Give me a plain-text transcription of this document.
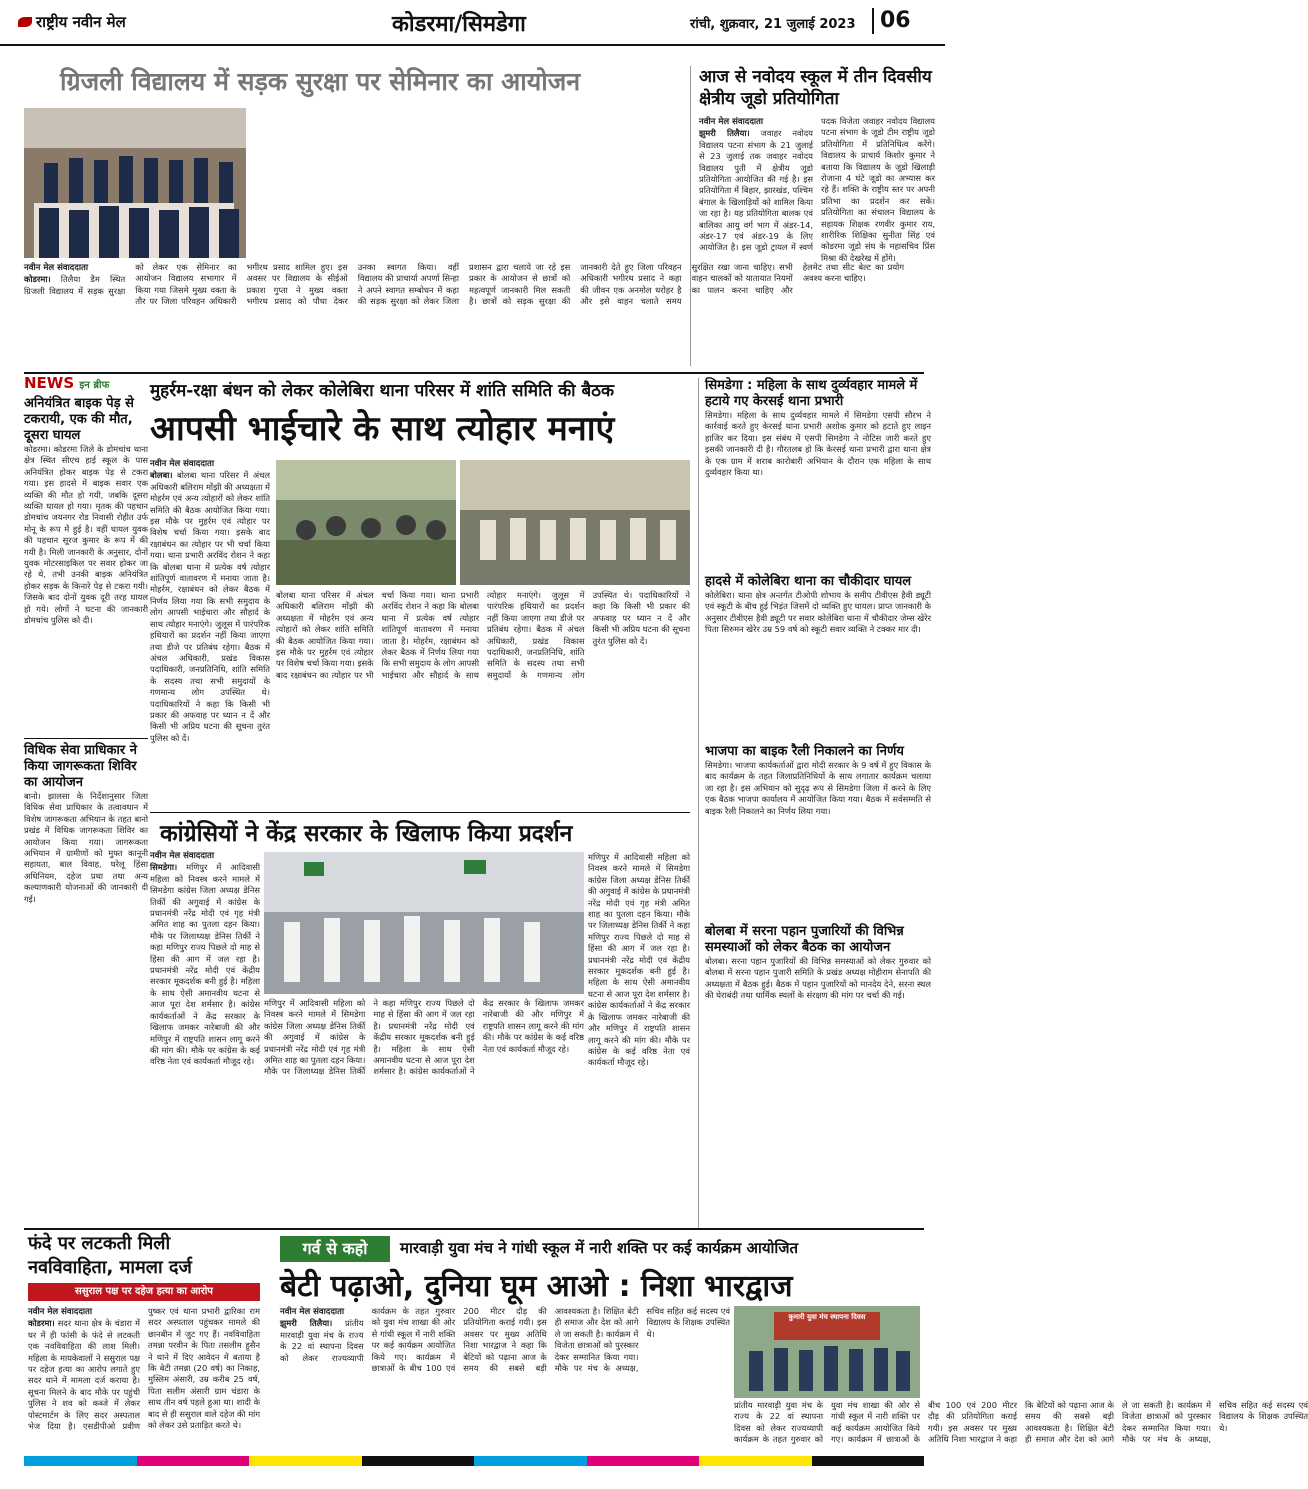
राष्ट्रीय नवीन मेल	कोडरमा/सिमडेगा	रांची, शुक्रवार, 21 जुलाई 2023 06
ग्रिजली विद्यालय में सड़क सुरक्षा पर सेमिनार का आयोजन
नवीन मेल संवाददाता
कोडरमा। तिलैया डैम स्थित ग्रिजली विद्यालय में सड़क सुरक्षा को लेकर एक सेमिनार का आयोजन विद्यालय सभागार में किया गया जिसमे मुख्य वक्ता के तौर पर जिला परिवहन अधिकारी भगीरथ प्रसाद शामिल हुए। इस अवसर पर विद्यालय के सीईओ प्रकाश गुप्ता ने मुख्य वक्ता भगीरथ प्रसाद को पौधा देकर उनका स्वागत किया। वहीं विद्यालय की प्राचार्या अपर्णा सिन्हा ने अपने स्वागत सम्बोधन में कहा की सड़क सुरक्षा को लेकर जिला प्रशासन द्वारा चलाये जा रहे इस प्रकार के आयोजन से छात्रों को महत्वपूर्ण जानकारी मिल सकती है। छात्रों को सड़क सुरक्षा की जानकारी देते हुए जिला परिवहन अधिकारी भगीरथ प्रसाद ने कहा की जीवन एक अनमोल धरोहर है और इसे वाहन चलाते समय सुरक्षित रखा जाना चाहिए। सभी वाहन चालकों को यातायात नियमों का पालन करना चाहिए और हेलमेट तथा सीट बेल्ट का प्रयोग अवश्य करना चाहिए।
आज से नवोदय स्कूल में तीन दिवसीय क्षेत्रीय जूडो प्रतियोगिता
नवीन मेल संवाददाता
झुमरी तिलैया। जवाहर नवोदय विद्यालय पटना संभाग के 21 जुलाई से 23 जुलाई तक जवाहर नवोदय विद्यालय पुती में क्षेत्रीय जूडो प्रतियोगिता आयोजित की गई है। इस प्रतियोगिता में बिहार, झारखंड, पश्चिम बंगाल के खिलाड़ियों को शामिल किया जा रहा है। यह प्रतियोगिता बालक एवं बालिका आयु वर्ग भाग में अंडर-14, अंडर-17 एवं अंडर-19 के लिए आयोजित है। इस जूडो ट्रायल में स्वर्ण पदक विजेता जवाहर नवोदय विद्यालय पटना संभाग के जूडो टीम राष्ट्रीय जूडो प्रतियोगिता में प्रतिनिधित्व करेंगे। विद्यालय के प्राचार्य किशोर कुमार ने बताया कि विद्यालय के जूडो खिलाड़ी रोजाना 4 घंटे जूडो का अभ्यास कर रहे हैं। शक्ति के राष्ट्रीय स्तर पर अपनी प्रतिभा का प्रदर्शन कर सकें। प्रतियोगिता का संचालन विद्यालय के सहायक शिक्षक रणवीर कुमार राय, शारीरिक शिक्षिका सुनीता सिंह एवं कोडरमा जूडो संघ के महासचिव प्रिंस मिश्रा की देखरेख में होंगे।
NEWS इन ब्रीफ
अनियंत्रित बाइक पेड़ से टकरायी, एक की मौत, दूसरा घायल
कोडरमा। कोडरमा जिले के डोमचांच थाना क्षेत्र स्थित सीएच हाई स्कूल के पास अनियंत्रित होकर बाइक पेड़ से टकरा गया। इस हादसे में बाइक सवार एक व्यक्ति की मौत हो गयी, जबकि दूसरा व्यक्ति घायल हो गया। मृतक की पहचान डोमचांच जयनगर रोड निवासी रोहीत उर्फ मोनू के रूप में हुई है। वहीं घायल युवक की पहचान सूरज कुमार के रूप में की गयी है। मिली जानकारी के अनुसार, दोनों युवक मोटरसाइकिल पर सवार होकर जा रहे थे, तभी उनकी बाइक अनियंत्रित होकर सड़क के किनारे पेड़ से टकरा गयी। जिसके बाद दोनों युवक दूरी तरह घायल हो गये। लोगों ने घटना की जानकारी डोमचांच पुलिस को दी।
विधिक सेवा प्राधिकार ने किया जागरूकता शिविर का आयोजन
बानो। झालसा के निर्देशानुसार जिला विधिक सेवा प्राधिकार के तत्वावधान में विशेष जागरूकता अभियान के तहत बानो प्रखंड में विधिक जागरूकता शिविर का आयोजन किया गया। जागरूकता अभियान में ग्रामीणों को मुफ्त कानूनी सहायता, बाल विवाह, घरेलू हिंसा अधिनियम, दहेज प्रथा तथा अन्य कल्याणकारी योजनाओं की जानकारी दी गई।
मुहर्रम-रक्षा बंधन को लेकर कोलेबिरा थाना परिसर में शांति समिति की बैठक
आपसी भाईचारे के साथ त्योहार मनाएं
नवीन मेल संवाददाता
बोलबा। बोलबा थाना परिसर में अंचल अधिकारी बलिराम मोंझी की अध्यक्षता में मोहर्रम एवं अन्य त्योहारों को लेकर शांति समिति की बैठक आयोजित किया गया। इस मौके पर मुहर्रम एवं त्योहार पर विशेष चर्चा किया गया। इसके बाद रक्षाबंधन का त्योहार पर भी चर्चा किया गया। थाना प्रभारी अरविंद रोशन ने कहा कि बोलबा थाना में प्रत्येक वर्ष त्योहार शांतिपूर्ण वातावरण में मनाया जाता है। मोहर्रम, रक्षाबंधन को लेकर बैठक में निर्णय लिया गया कि सभी समुदाय के लोग आपसी भाईचारा और सौहार्द के साथ त्योहार मनाएंगे। जुलूस में पारंपरिक हथियारों का प्रदर्शन नहीं किया जाएगा तथा डीजे पर प्रतिबंध रहेगा। बैठक में अंचल अधिकारी, प्रखंड विकास पदाधिकारी, जनप्रतिनिधि, शांति समिति के सदस्य तथा सभी समुदायों के गणमान्य लोग उपस्थित थे। पदाधिकारियों ने कहा कि किसी भी प्रकार की अफवाह पर ध्यान न दें और किसी भी अप्रिय घटना की सूचना तुरंत पुलिस को दें।
बोलबा थाना परिसर में अंचल अधिकारी बलिराम मोंझी की अध्यक्षता में मोहर्रम एवं अन्य त्योहारों को लेकर शांति समिति की बैठक आयोजित किया गया। इस मौके पर मुहर्रम एवं त्योहार पर विशेष चर्चा किया गया। इसके बाद रक्षाबंधन का त्योहार पर भी चर्चा किया गया। थाना प्रभारी अरविंद रोशन ने कहा कि बोलबा थाना में प्रत्येक वर्ष त्योहार शांतिपूर्ण वातावरण में मनाया जाता है। मोहर्रम, रक्षाबंधन को लेकर बैठक में निर्णय लिया गया कि सभी समुदाय के लोग आपसी भाईचारा और सौहार्द के साथ त्योहार मनाएंगे। जुलूस में पारंपरिक हथियारों का प्रदर्शन नहीं किया जाएगा तथा डीजे पर प्रतिबंध रहेगा। बैठक में अंचल अधिकारी, प्रखंड विकास पदाधिकारी, जनप्रतिनिधि, शांति समिति के सदस्य तथा सभी समुदायों के गणमान्य लोग उपस्थित थे। पदाधिकारियों ने कहा कि किसी भी प्रकार की अफवाह पर ध्यान न दें और किसी भी अप्रिय घटना की सूचना तुरंत पुलिस को दें।
कांग्रेसियों ने केंद्र सरकार के खिलाफ किया प्रदर्शन
नवीन मेल संवाददाता
सिमडेगा। मणिपुर में आदिवासी महिला को निवस्त्र करने मामले में सिमडेगा कांग्रेस जिला अध्यक्ष डेनिस तिर्की की अगुवाई में कांग्रेस के प्रधानमंत्री नरेंद्र मोदी एवं गृह मंत्री अमित शाह का पुतला दहन किया। मौके पर जिलाध्यक्ष डेनिस तिर्की ने कहा मणिपुर राज्य पिछले दो माह से हिंसा की आग में जल रहा है। प्रधानमंत्री नरेंद्र मोदी एवं केंद्रीय सरकार मूकदर्शक बनी हुई है। महिला के साथ ऐसी अमानवीय घटना से आज पूरा देश शर्मसार है। कांग्रेस कार्यकर्ताओं ने केंद्र सरकार के खिलाफ जमकर नारेबाजी की और मणिपुर में राष्ट्रपति शासन लागू करने की मांग की। मौके पर कांग्रेस के कई वरिष्ठ नेता एवं कार्यकर्ता मौजूद रहे।
मणिपुर में आदिवासी महिला को निवस्त्र करने मामले में सिमडेगा कांग्रेस जिला अध्यक्ष डेनिस तिर्की की अगुवाई में कांग्रेस के प्रधानमंत्री नरेंद्र मोदी एवं गृह मंत्री अमित शाह का पुतला दहन किया। मौके पर जिलाध्यक्ष डेनिस तिर्की ने कहा मणिपुर राज्य पिछले दो माह से हिंसा की आग में जल रहा है। प्रधानमंत्री नरेंद्र मोदी एवं केंद्रीय सरकार मूकदर्शक बनी हुई है। महिला के साथ ऐसी अमानवीय घटना से आज पूरा देश शर्मसार है। कांग्रेस कार्यकर्ताओं ने केंद्र सरकार के खिलाफ जमकर नारेबाजी की और मणिपुर में राष्ट्रपति शासन लागू करने की मांग की। मौके पर कांग्रेस के कई वरिष्ठ नेता एवं कार्यकर्ता मौजूद रहे।
मणिपुर में आदिवासी महिला को निवस्त्र करने मामले में सिमडेगा कांग्रेस जिला अध्यक्ष डेनिस तिर्की की अगुवाई में कांग्रेस के प्रधानमंत्री नरेंद्र मोदी एवं गृह मंत्री अमित शाह का पुतला दहन किया। मौके पर जिलाध्यक्ष डेनिस तिर्की ने कहा मणिपुर राज्य पिछले दो माह से हिंसा की आग में जल रहा है। प्रधानमंत्री नरेंद्र मोदी एवं केंद्रीय सरकार मूकदर्शक बनी हुई है। महिला के साथ ऐसी अमानवीय घटना से आज पूरा देश शर्मसार है। कांग्रेस कार्यकर्ताओं ने केंद्र सरकार के खिलाफ जमकर नारेबाजी की और मणिपुर में राष्ट्रपति शासन लागू करने की मांग की। मौके पर कांग्रेस के कई वरिष्ठ नेता एवं कार्यकर्ता मौजूद रहे।
सिमडेगा : महिला के साथ दुर्व्यवहार मामले में हटाये गए केरसई थाना प्रभारी
सिमडेगा। महिला के साथ दुर्व्यवहार मामले में सिमडेगा एसपी सौरभ ने कार्रवाई करते हुए केरसई थाना प्रभारी अशोक कुमार को हटाते हुए लाइन हाजिर कर दिया। इस संबंध में एसपी सिमडेगा ने नोटिस जारी करते हुए इसकी जानकारी दी है। गौरतलब हो कि केरसई थाना प्रभारी द्वारा थाना क्षेत्र के एक ग्राम में शराब कारोबारी अभियान के दौरान एक महिला के साथ दुर्व्यवहार किया था।
हादसे में कोलेबिरा थाना का चौकीदार घायल
कोलेबिरा। थाना क्षेत्र अन्तर्गत टीओपी शोभाय के समीप टीवीएस हैवी ड्यूटी एवं स्कूटी के बीच हुई भिड़ंत जिसमें दो व्यक्ति हुए घायल। प्राप्त जानकारी के अनुसार टीवीएस हैवी ड्यूटी पर सवार कोलेबिरा थाना में चौकीदार जेम्स खेरेर पिता सिरुमन खेरेर उम्र 59 वर्ष को स्कूटी सवार व्यक्ति ने टक्कर मार दी।
भाजपा का बाइक रैली निकालने का निर्णय
सिमडेगा। भाजपा कार्यकर्ताओं द्वारा मोदी सरकार के 9 वर्ष में हुए विकास के बाद कार्यक्रम के तहत जिलाप्रतिनिधियों के साथ लगातार कार्यक्रम चलाया जा रहा है। इस अभियान को सुदृढ़ रूप से सिमडेगा जिला में करने के लिए एक बैठक भाजपा कार्यालय में आयोजित किया गया। बैठक में सर्वसम्मति से बाइक रैली निकालने का निर्णय लिया गया।
बोलबा में सरना पहान पुजारियों की विभिन्न समस्याओं को लेकर बैठक का आयोजन
बोलबा। सरना पहान पुजारियों की विभिन्न समस्याओं को लेकर गुरुवार को बोलबा में सरना पहान पुजारी समिति के प्रखंड अध्यक्ष मोहीराम सेनापति की अध्यक्षता में बैठक हुई। बैठक में पहान पुजारियों को मानदेय देने, सरना स्थल की घेराबंदी तथा धार्मिक स्थलों के संरक्षण की मांग पर चर्चा की गई।
फंदे पर लटकती मिली नवविवाहिता, मामला दर्ज
ससुराल पक्ष पर दहेज हत्या का आरोप
नवीन मेल संवाददाता
कोडरमा। सदर थाना क्षेत्र के चंडारा में घर में ही फांसी के फंदे से लटकती एक नवविवाहिता की लाश मिली। महिला के मायकेवालों ने ससुराल पक्ष पर दहेज हत्या का आरोप लगाते हुए सदर थाने में मामला दर्ज कराया है। सूचना मिलने के बाद मौके पर पहुंची पुलिस ने शव को कब्जे में लेकर पोस्टमार्टम के लिए सदर अस्पताल भेज दिया है। एसडीपीओ प्रवीण पुष्कर एवं थाना प्रभारी द्वारिका राम सदर अस्पताल पहुंचकर मामले की छानबीन में जुट गए हैं। नवविवाहिता तमन्ना परवीन के पिता तसलीम हुसैन ने थाने में दिए आवेदन में बताया है कि बेटी तमन्ना (20 वर्ष) का निकाह, मुस्लिम अंसारी, उम्र करीब 25 वर्ष, पिता सलीम अंसारी ग्राम चंडारा के साथ तीन वर्ष पहले हुआ था। शादी के बाद से ही ससुराल वाले दहेज की मांग को लेकर उसे प्रताड़ित करते थे।
गर्व से कहो	मारवाड़ी युवा मंच ने गांधी स्कूल में नारी शक्ति पर कई कार्यक्रम आयोजित
बेटी पढ़ाओ, दुनिया घूम आओ : निशा भारद्वाज
नवीन मेल संवाददाता
झुमरी तिलैया। प्रांतीय मारवाड़ी युवा मंच के राज्य के 22 वां स्थापना दिवस को लेकर राज्यव्यापी कार्यक्रम के तहत गुरुवार को युवा मंच शाखा की ओर से गांधी स्कूल में नारी शक्ति पर कई कार्यक्रम आयोजित किये गए। कार्यक्रम में छात्राओं के बीच 100 एवं 200 मीटर दौड़ की प्रतियोगिता कराई गयी। इस अवसर पर मुख्य अतिथि निशा भारद्वाज ने कहा कि बेटियों को पढ़ाना आज के समय की सबसे बड़ी आवश्यकता है। शिक्षित बेटी ही समाज और देश को आगे ले जा सकती है। कार्यक्रम में विजेता छात्राओं को पुरस्कार देकर सम्मानित किया गया। मौके पर मंच के अध्यक्ष, सचिव सहित कई सदस्य एवं विद्यालय के शिक्षक उपस्थित थे।
कुमारी युवा मंच स्थापना दिवस
प्रांतीय मारवाड़ी युवा मंच के राज्य के 22 वां स्थापना दिवस को लेकर राज्यव्यापी कार्यक्रम के तहत गुरुवार को युवा मंच शाखा की ओर से गांधी स्कूल में नारी शक्ति पर कई कार्यक्रम आयोजित किये गए। कार्यक्रम में छात्राओं के बीच 100 एवं 200 मीटर दौड़ की प्रतियोगिता कराई गयी। इस अवसर पर मुख्य अतिथि निशा भारद्वाज ने कहा कि बेटियों को पढ़ाना आज के समय की सबसे बड़ी आवश्यकता है। शिक्षित बेटी ही समाज और देश को आगे ले जा सकती है। कार्यक्रम में विजेता छात्राओं को पुरस्कार देकर सम्मानित किया गया। मौके पर मंच के अध्यक्ष, सचिव सहित कई सदस्य एवं विद्यालय के शिक्षक उपस्थित थे।
